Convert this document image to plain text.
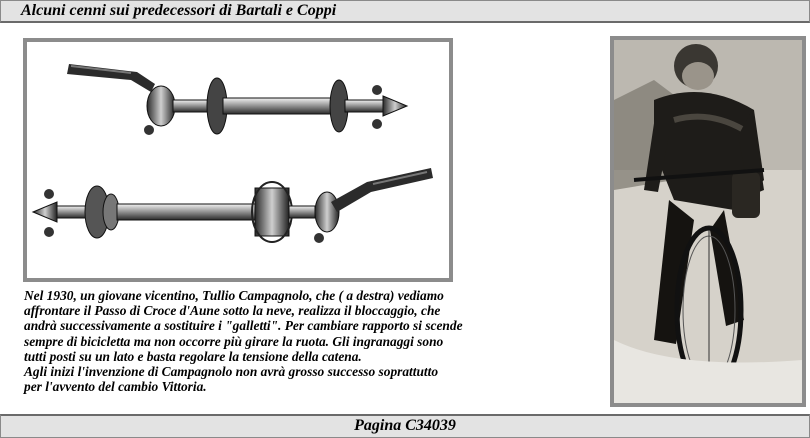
Alcuni cenni sui predecessori di Bartali e Coppi
Nel 1930, un giovane vicentino, Tullio Campagnolo, che ( a destra) vediamo
affrontare il Passo di Croce d'Aune sotto la neve, realizza il bloccaggio, che
andrà successivamente a sostituire i "galletti". Per cambiare rapporto si scende
sempre di bicicletta ma non occorre più girare la ruota. Gli ingranaggi sono
tutti posti su un lato e basta regolare la tensione della catena.
Agli inizi l'invenzione di Campagnolo non avrà grosso successo soprattutto
per l'avvento del cambio Vittoria.
Pagina C34039
